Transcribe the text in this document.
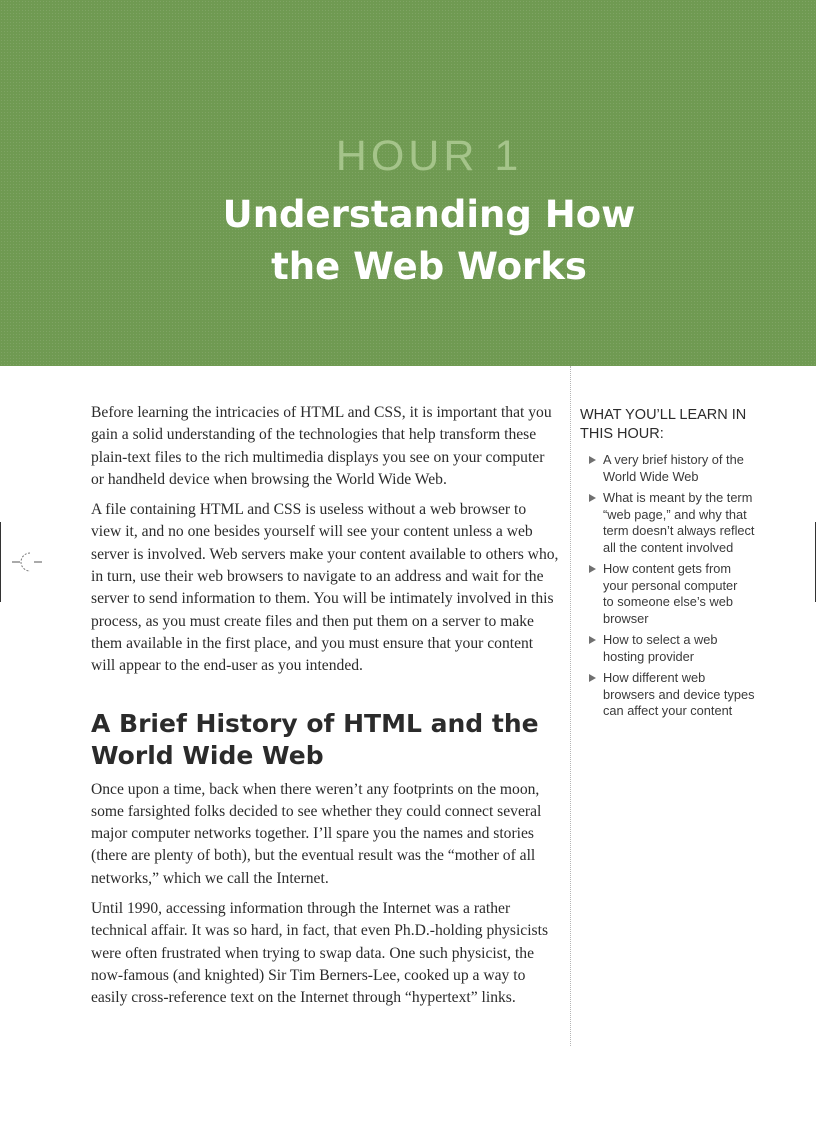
HOUR 1
Understanding How
the Web Works

Before learning the intricacies of HTML and CSS, it is important that you gain a solid understanding of the technologies that help transform these plain-text files to the rich multimedia displays you see on your computer or handheld device when browsing the World Wide Web.

A file containing HTML and CSS is useless without a web browser to view it, and no one besides yourself will see your content unless a web server is involved. Web servers make your content available to others who, in turn, use their web browsers to navigate to an address and wait for the server to send information to them. You will be intimately involved in this process, as you must create files and then put them on a server to make them available in the first place, and you must ensure that your content will appear to the end-user as you intended.

A Brief History of HTML and the
World Wide Web

Once upon a time, back when there weren’t any footprints on the moon, some farsighted folks decided to see whether they could connect several major computer networks together. I’ll spare you the names and stories (there are plenty of both), but the eventual result was the “mother of all networks,” which we call the Internet.

Until 1990, accessing information through the Internet was a rather technical affair. It was so hard, in fact, that even Ph.D.-holding physicists were often frustrated when trying to swap data. One such physicist, the now-famous (and knighted) Sir Tim Berners-Lee, cooked up a way to easily cross-reference text on the Internet through “hypertext” links.

WHAT YOU’LL LEARN IN
THIS HOUR:
A very brief history of the
World Wide Web
What is meant by the term
“web page,” and why that
term doesn’t always reflect
all the content involved
How content gets from
your personal computer
to someone else’s web
browser
How to select a web
hosting provider
How different web
browsers and device types
can affect your content
